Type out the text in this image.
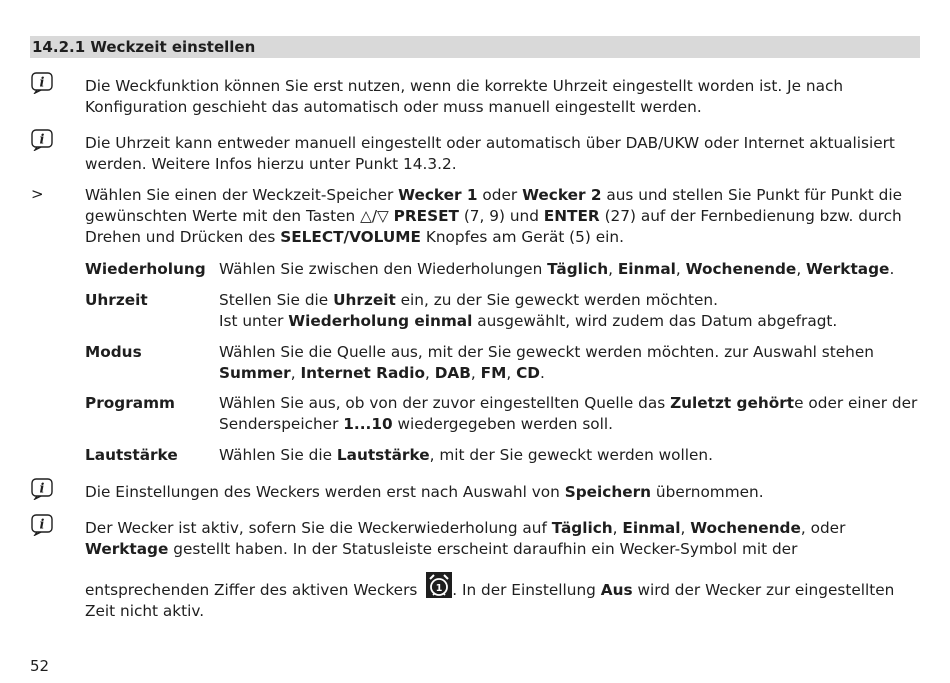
14.2.1 Weckzeit einstellen
i	Die Weckfunktion können Sie erst nutzen, wenn die korrekte Uhrzeit eingestellt worden ist. Je nach Konfiguration geschieht das automatisch oder muss manuell eingestellt werden.
i	Die Uhrzeit kann entweder manuell eingestellt oder automatisch über DAB/UKW oder Internet aktualisiert werden. Weitere Infos hierzu unter Punkt 14.3.2.
>	Wählen Sie einen der Weckzeit-Speicher Wecker 1 oder Wecker 2 aus und stellen Sie Punkt für Punkt die gewünschten Werte mit den Tasten △/▽ PRESET (7, 9) und ENTER (27) auf der Fernbedienung bzw. durch Drehen und Drücken des SELECT/VOLUME Knopfes am Gerät (5) ein.
Wiederholung Wählen Sie zwischen den Wiederholungen Täglich, Einmal, Wochenende, Werktage.
Uhrzeit	Stellen Sie die Uhrzeit ein, zu der Sie geweckt werden möchten.
Ist unter Wiederholung einmal ausgewählt, wird zudem das Datum abgefragt.
Modus	Wählen Sie die Quelle aus, mit der Sie geweckt werden möchten. zur Auswahl stehen Summer, Internet Radio, DAB, FM, CD.
Programm	Wählen Sie aus, ob von der zuvor eingestellten Quelle das Zuletzt gehörte oder einer der Senderspeicher 1...10 wiedergegeben werden soll.
Lautstärke	Wählen Sie die Lautstärke, mit der Sie geweckt werden wollen.
i	Die Einstellungen des Weckers werden erst nach Auswahl von Speichern übernommen.
i	Der Wecker ist aktiv, sofern Sie die Weckerwiederholung auf Täglich, Einmal, Wochenende, oder Werktage gestellt haben. In der Statusleiste erscheint daraufhin ein Wecker-Symbol mit der
entsprechenden Ziffer des aktiven Weckers 1 . In der Einstellung Aus wird der Wecker zur eingestellten Zeit nicht aktiv.
52
